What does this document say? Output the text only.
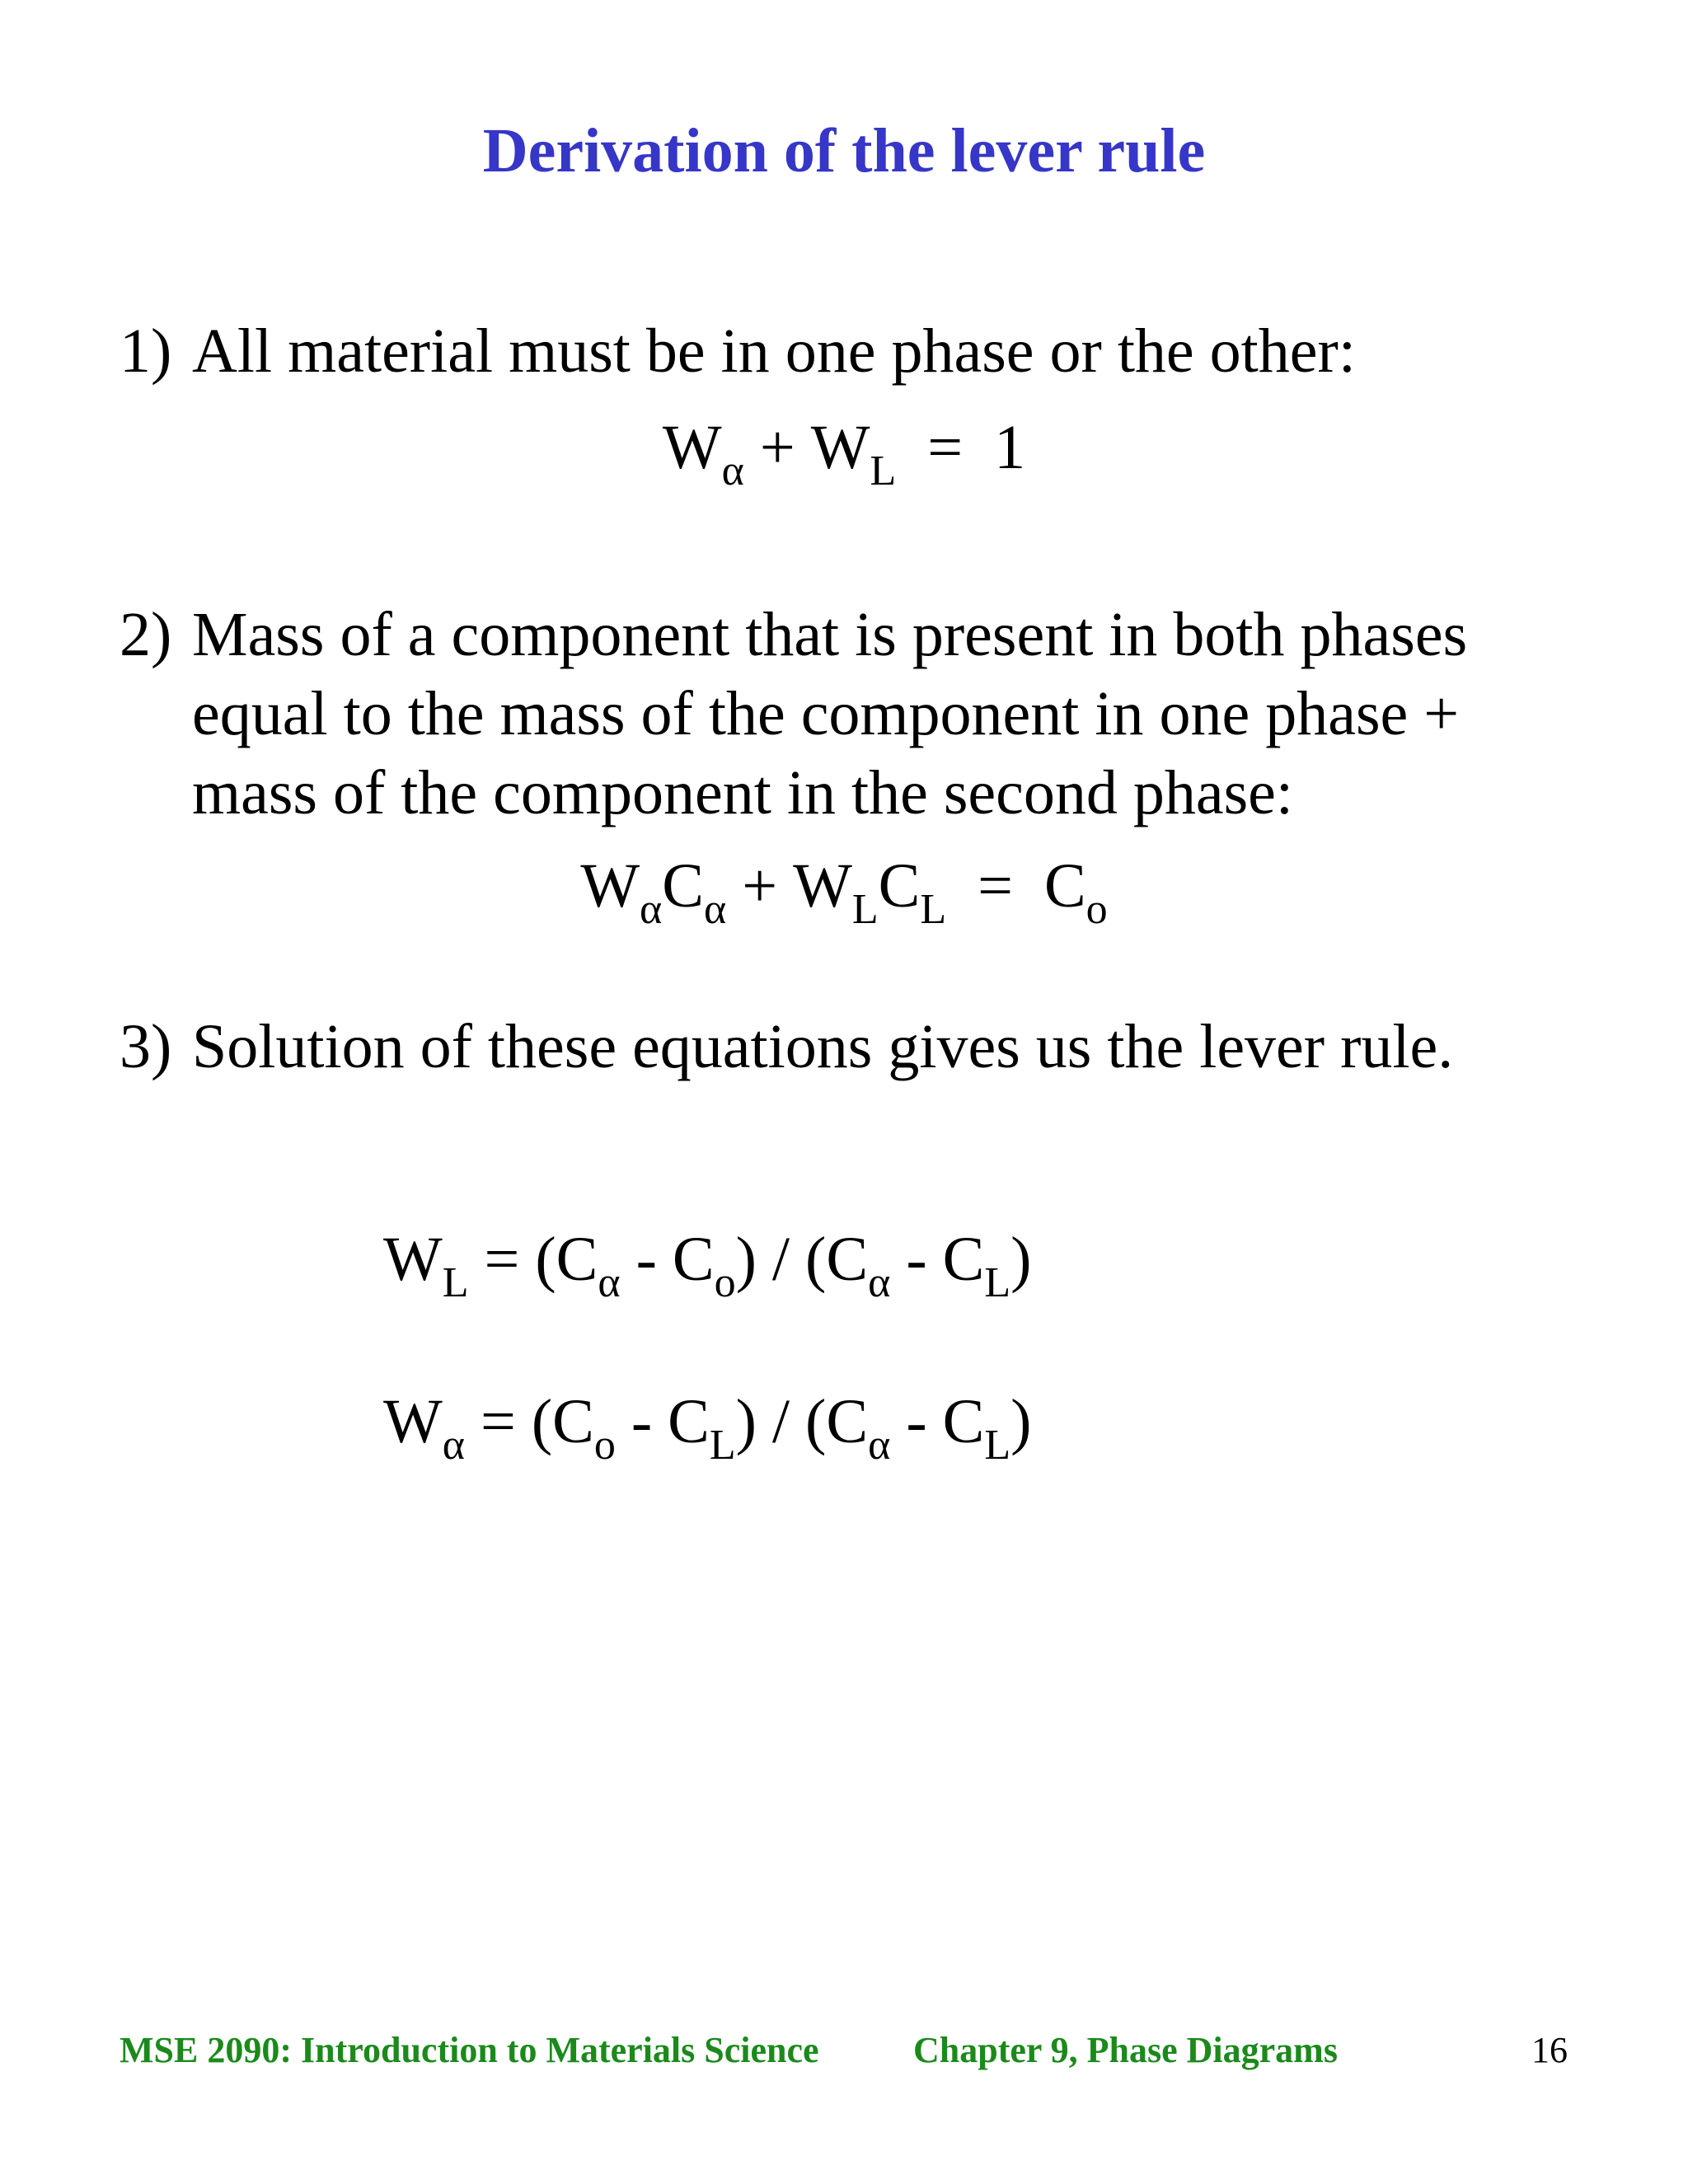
Derivation of the lever rule
1) All material must be in one phase or the other:
$W_\alpha + W_L = 1$
2) Mass of a component that is present in both phases
equal to the mass of the component in one phase +
mass of the component in the second phase:
$W_\alpha C_\alpha + W_LC_L = C_o$
3) Solution of these equations gives us the lever rule.
$W_L = (C_\alpha - C_o) / (C_\alpha - C_L)$
$W_\alpha = (C_o - C_L) / (C_\alpha - C_L)$
MSE 2090: Introduction to Materials Science	Chapter 9, Phase Diagrams	16
